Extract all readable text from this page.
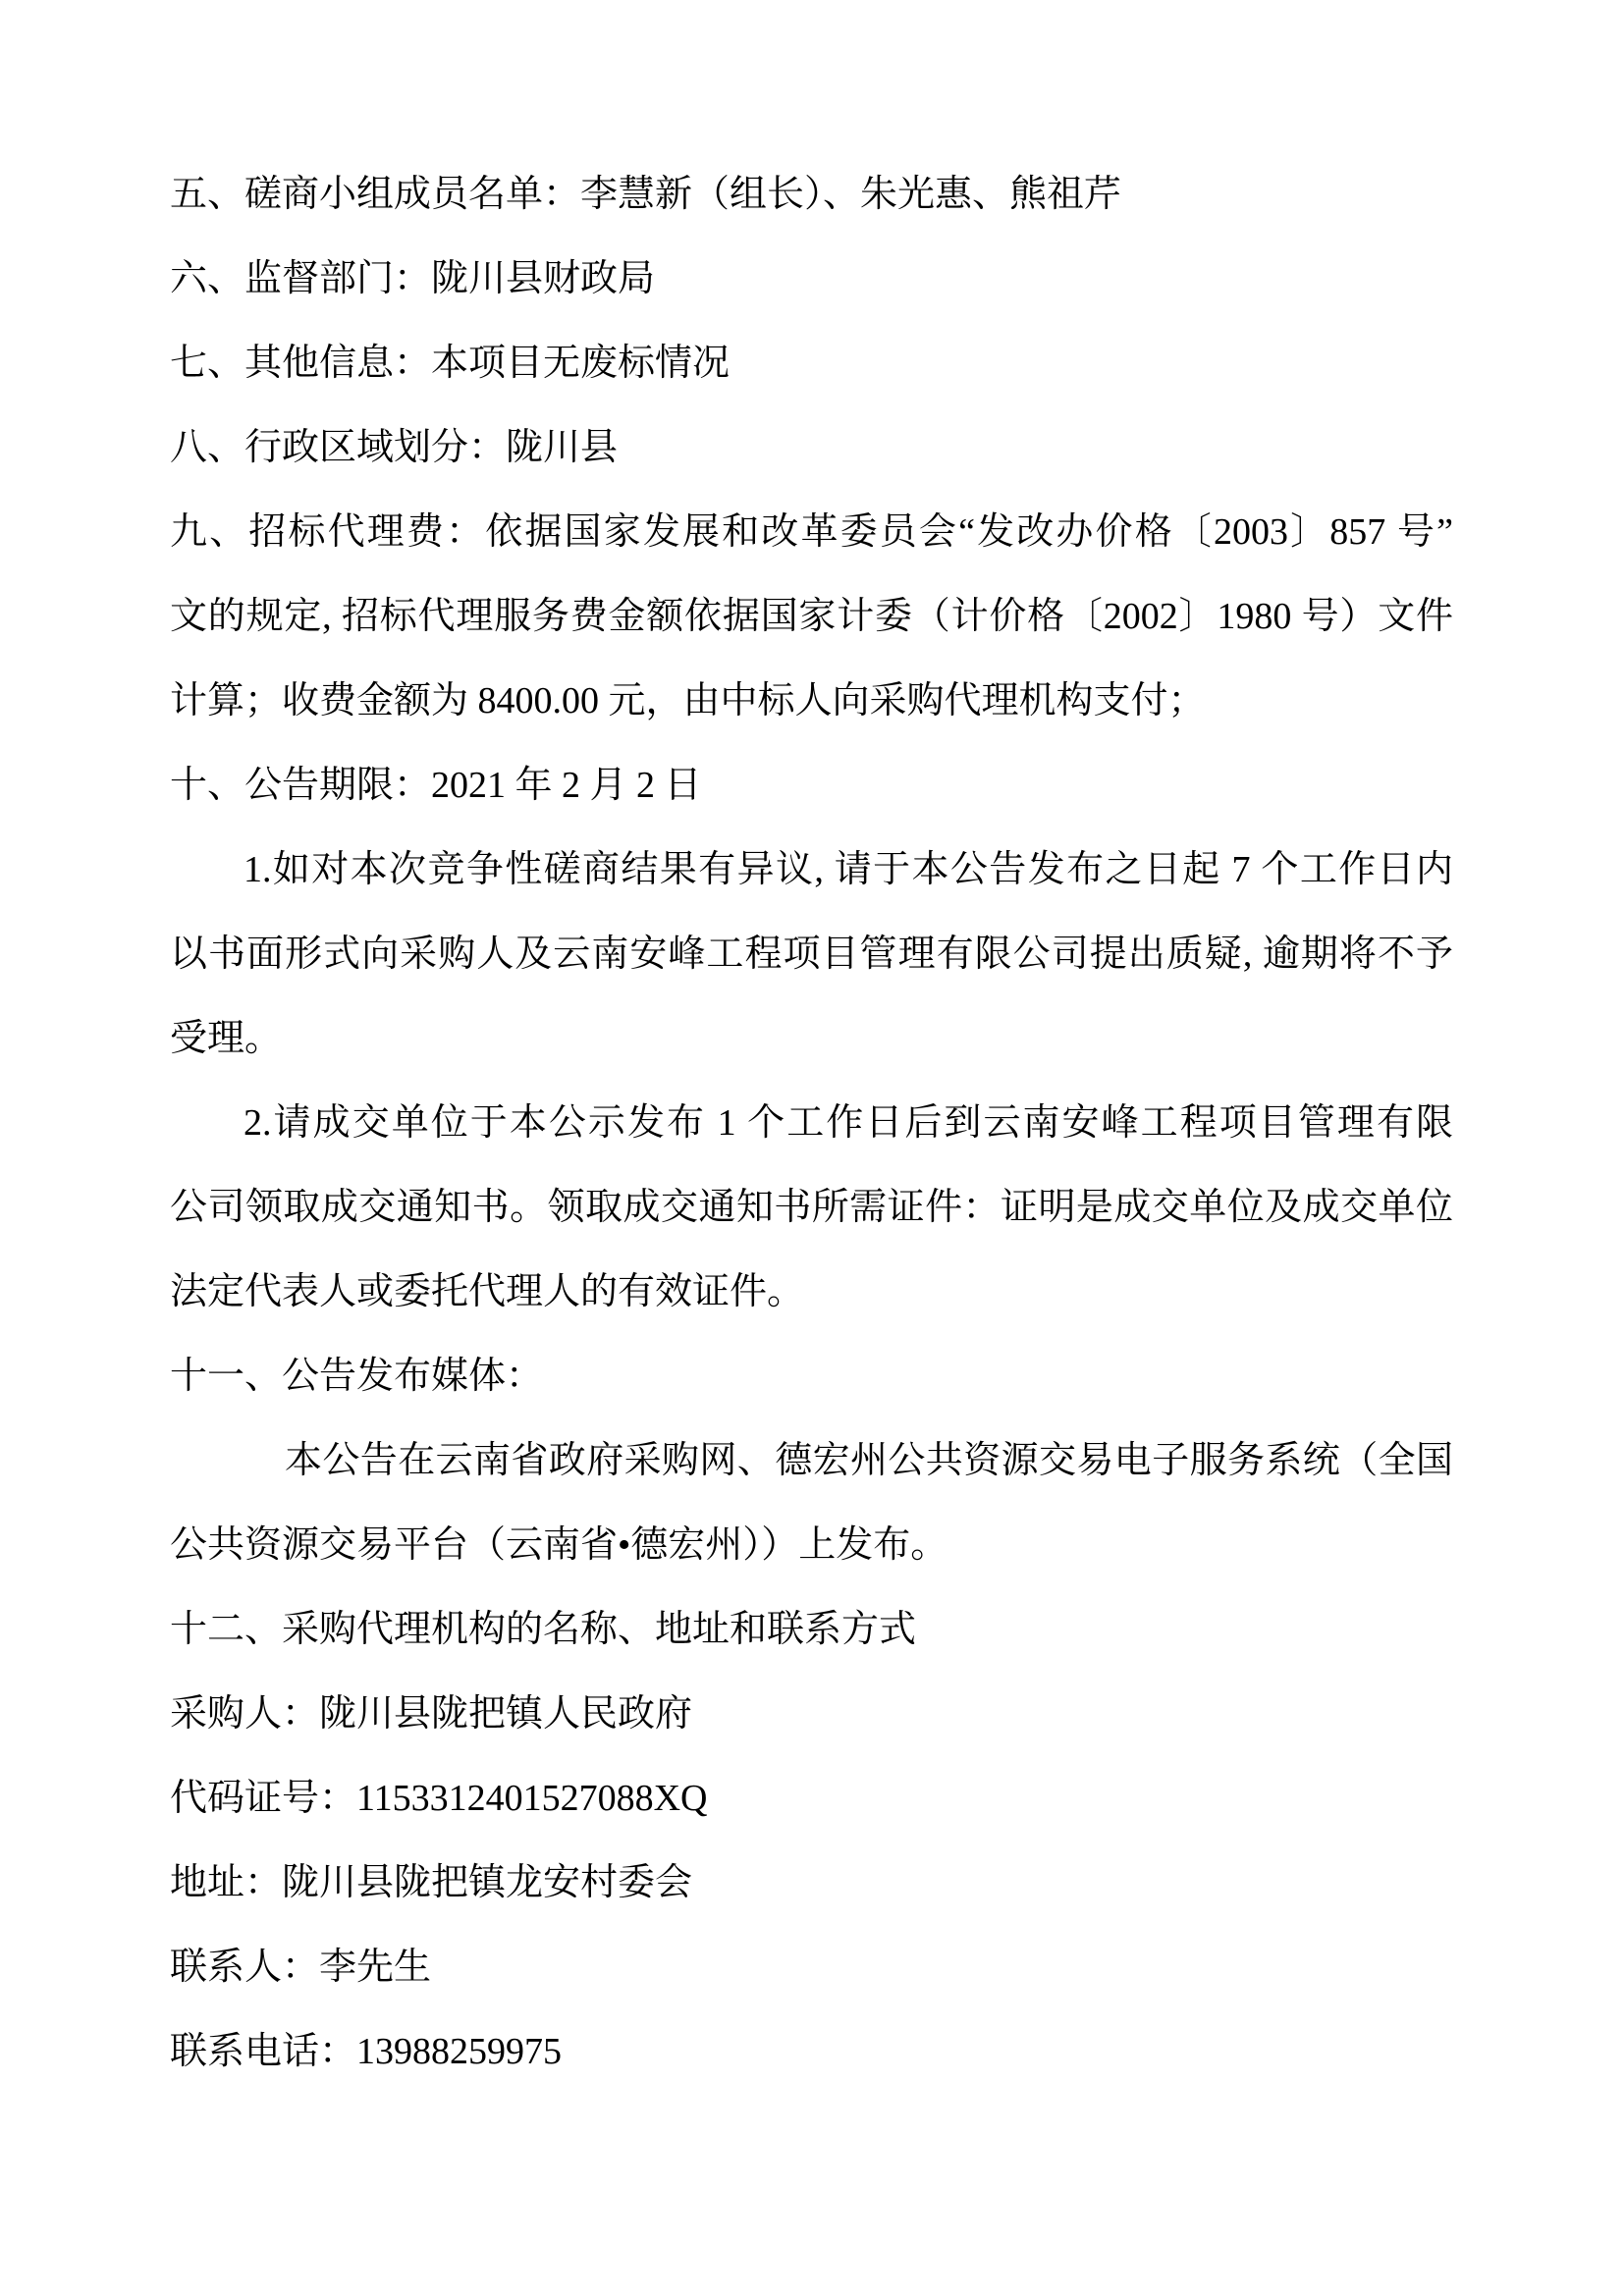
五、磋商小组成员名单：李慧新（组长）、朱光惠、熊祖芹
六、监督部门：陇川县财政局
七、其他信息：本项目无废标情况
八、行政区域划分：陇川县
九、招标代理费：依据国家发展和改革委员会“发改办价格〔2003〕857 号”
文的规定, 招标代理服务费金额依据国家计委（计价格〔2002〕1980 号）文件
计算；收费金额为 8400.00 元，由中标人向采购代理机构支付；
十、公告期限：2021 年 2 月 2 日
1.如对本次竞争性磋商结果有异议, 请于本公告发布之日起 7 个工作日内
以书面形式向采购人及云南安峰工程项目管理有限公司提出质疑, 逾期将不予
受理。
2.请成交单位于本公示发布 1 个工作日后到云南安峰工程项目管理有限
公司领取成交通知书。领取成交通知书所需证件：证明是成交单位及成交单位
法定代表人或委托代理人的有效证件。
十一、公告发布媒体：
本公告在云南省政府采购网、德宏州公共资源交易电子服务系统（全国
公共资源交易平台（云南省•德宏州））上发布。
十二、采购代理机构的名称、地址和联系方式
采购人：陇川县陇把镇人民政府
代码证号：1153312401527088XQ
地址：陇川县陇把镇龙安村委会
联系人：李先生
联系电话：13988259975
